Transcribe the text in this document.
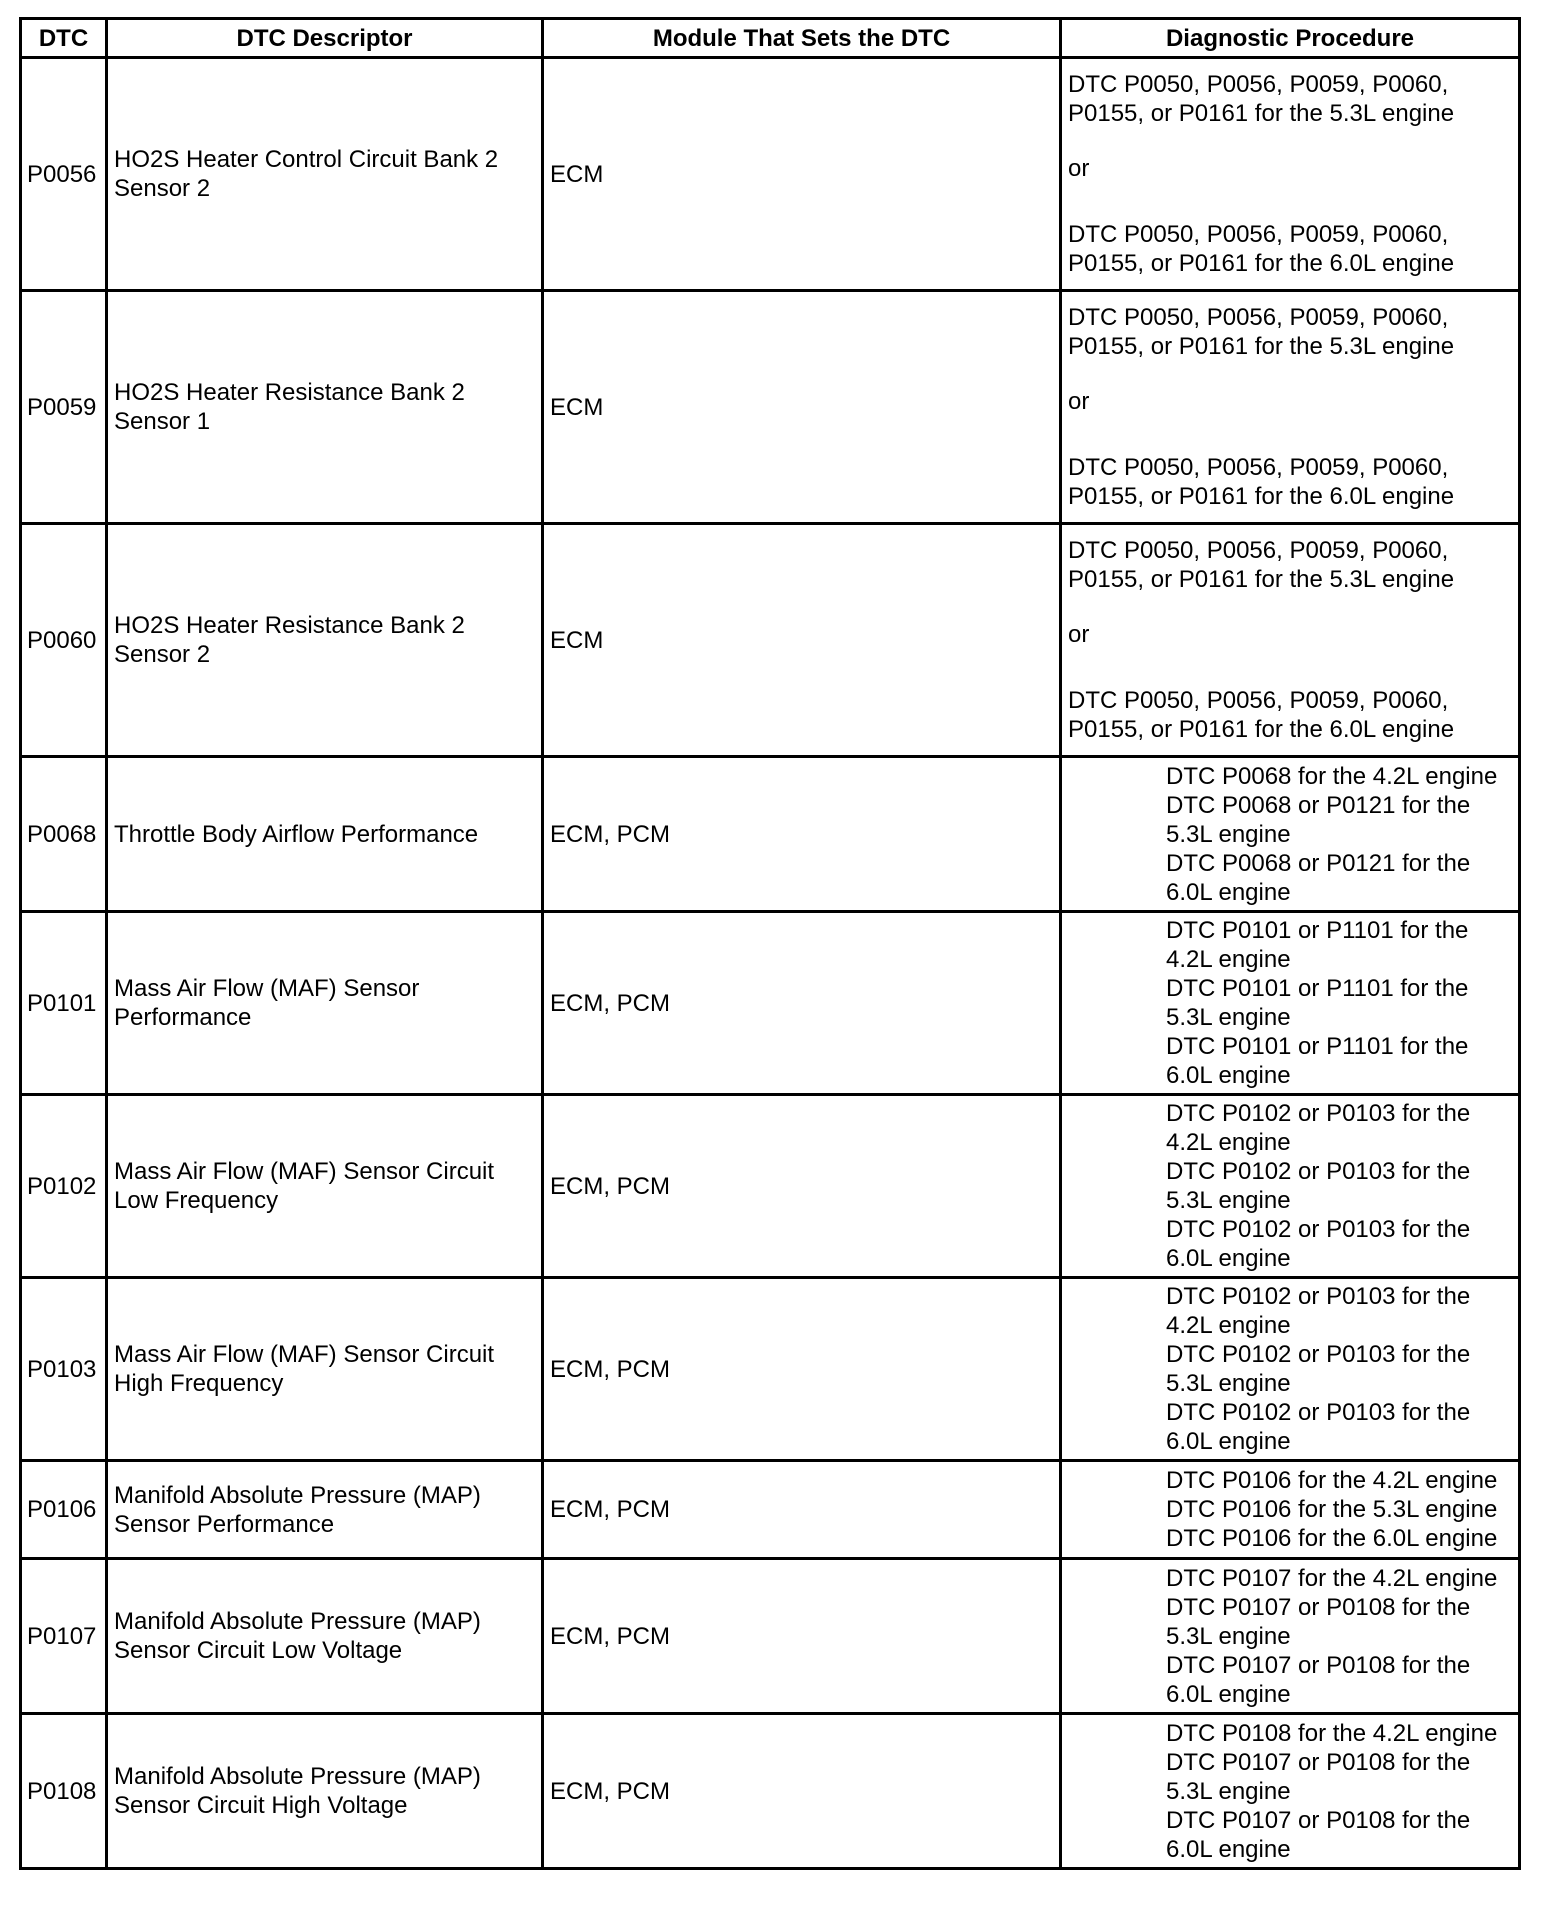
DTC	DTC Descriptor	Module That Sets the DTC	Diagnostic Procedure
P0056	HO2S Heater Control Circuit Bank 2 Sensor 2	ECM	DTC P0050, P0056, P0059, P0060, P0155, or P0161 for the 5.3L engine
or
DTC P0050, P0056, P0059, P0060, P0155, or P0161 for the 6.0L engine

P0059	HO2S Heater Resistance Bank 2 Sensor 1	ECM	DTC P0050, P0056, P0059, P0060, P0155, or P0161 for the 5.3L engine
or
DTC P0050, P0056, P0059, P0060, P0155, or P0161 for the 6.0L engine

P0060	HO2S Heater Resistance Bank 2 Sensor 2	ECM	DTC P0050, P0056, P0059, P0060, P0155, or P0161 for the 5.3L engine
or
DTC P0050, P0056, P0059, P0060, P0155, or P0161 for the 6.0L engine

P0068	Throttle Body Airflow Performance	ECM, PCM	DTC P0068 for the 4.2L engine
DTC P0068 or P0121 for the 5.3L engine
DTC P0068 or P0121 for the 6.0L engine

P0101	Mass Air Flow (MAF) Sensor Performance	ECM, PCM	DTC P0101 or P1101 for the 4.2L engine
DTC P0101 or P1101 for the 5.3L engine
DTC P0101 or P1101 for the 6.0L engine

P0102	Mass Air Flow (MAF) Sensor Circuit Low Frequency	ECM, PCM	DTC P0102 or P0103 for the 4.2L engine
DTC P0102 or P0103 for the 5.3L engine
DTC P0102 or P0103 for the 6.0L engine

P0103	Mass Air Flow (MAF) Sensor Circuit High Frequency	ECM, PCM	DTC P0102 or P0103 for the 4.2L engine
DTC P0102 or P0103 for the 5.3L engine
DTC P0102 or P0103 for the 6.0L engine

P0106	Manifold Absolute Pressure (MAP) Sensor Performance	ECM, PCM	DTC P0106 for the 4.2L engine
DTC P0106 for the 5.3L engine
DTC P0106 for the 6.0L engine

P0107	Manifold Absolute Pressure (MAP) Sensor Circuit Low Voltage	ECM, PCM	DTC P0107 for the 4.2L engine
DTC P0107 or P0108 for the 5.3L engine
DTC P0107 or P0108 for the 6.0L engine

P0108	Manifold Absolute Pressure (MAP) Sensor Circuit High Voltage	ECM, PCM	DTC P0108 for the 4.2L engine
DTC P0107 or P0108 for the 5.3L engine
DTC P0107 or P0108 for the 6.0L engine
